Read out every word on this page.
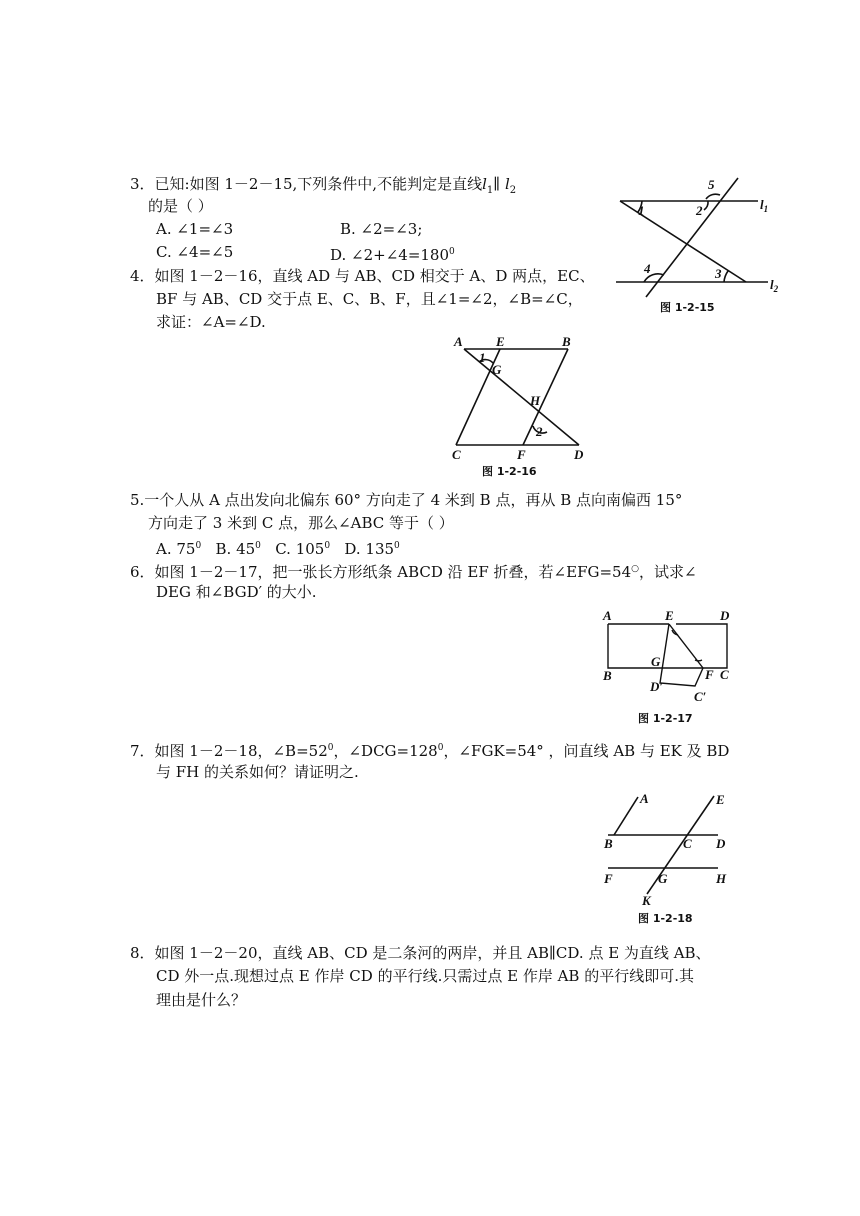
3．已知:如图 1－2－15,下列条件中,不能判定是直线$l_1\parallel$ $l_2$
的是（ ）
A. ∠1=∠3	B. ∠2=∠3;
C. ∠4=∠5	D. $\angle 2+\angle 4=180^0$
4．如图 1－2－16，直线 AD 与 AB、CD 相交于 A、D 两点，EC、
BF 与 AB、CD 交于点 E、C、B、F，且∠1=∠2，∠B=∠C，
求证：∠A=∠D.
5.一个人从 A 点出发向北偏东 60° 方向走了 4 米到 B 点，再从 B 点向南偏西 15°
方向走了 3 米到 C 点，那么∠ABC 等于（ ）
A. $75^0$ B. $45^0$ C. $105^0$ D. $135^0$
6．如图 1－2－17，把一张长方形纸条 ABCD 沿 EF 折叠，若∠EFG=54○，试求∠
DEG 和∠BGD′ 的大小.
7．如图 1－2－18，$\angle B=52^0$，$\angle DCG=128^0$，∠FGK=54° ，问直线 AB 与 EK 及 BD
与 FH 的关系如何？请证明之.
8．如图 1－2－20，直线 AB、CD 是二条河的两岸，并且 AB∥CD. 点 E 为直线 AB、
CD 外一点.现想过点 E 作岸 CD 的平行线.只需过点 E 作岸 AB 的平行线即可.其
理由是什么？
1	2
3
4
5
$l_1$
$l_2$
图 1-2-15
A	E	B
1
G
H
2
C	F	D
图 1-2-16
A	E	D
G
F C
B
D′
C′
图 1-2-17
A	E
B	C D
F	G	H
K
图 1-2-18
